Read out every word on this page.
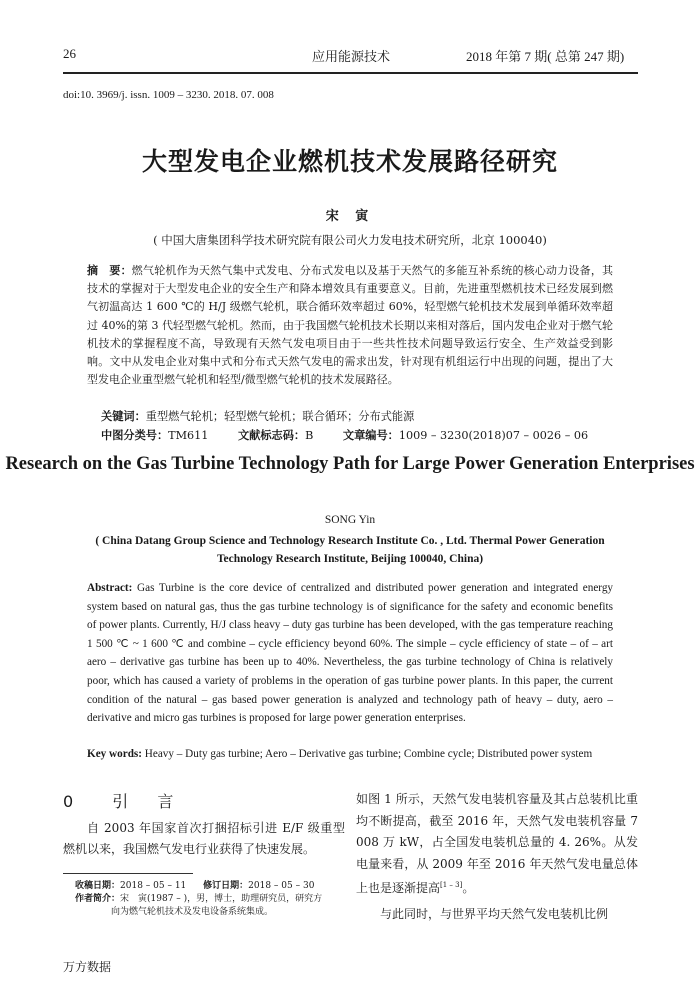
26	应用能源技术	2018 年第 7 期( 总第 247 期)
doi:10. 3969/j. issn. 1009 – 3230. 2018. 07. 008
大型发电企业燃机技术发展路径研究
宋 寅
( 中国大唐集团科学技术研究院有限公司火力发电技术研究所，北京 100040)
摘　要：燃气轮机作为天然气集中式发电、分布式发电以及基于天然气的多能互补系统的核心动力设备，其技术的掌握对于大型发电企业的安全生产和降本增效具有重要意义。目前，先进重型燃机技术已经发展到燃气初温高达 1 600 ℃的 H/J 级燃气轮机，联合循环效率超过 60%，轻型燃气轮机技术发展到单循环效率超过 40%的第 3 代轻型燃气轮机。然而，由于我国燃气轮机技术长期以来相对落后，国内发电企业对于燃气轮机技术的掌握程度不高，导致现有天然气发电项目由于一些共性技术问题导致运行安全、生产效益受到影响。文中从发电企业对集中式和分布式天然气发电的需求出发，针对现有机组运行中出现的问题，提出了大型发电企业重型燃气轮机和轻型/微型燃气轮机的技术发展路径。
关键词：重型燃气轮机；轻型燃气轮机；联合循环；分布式能源
中图分类号：TM611	文献标志码：B	文章编号：1009 – 3230(2018)07 – 0026 – 06
Research on the Gas Turbine Technology Path for Large Power Generation Enterprises
SONG Yin
( China Datang Group Science and Technology Research Institute Co. , Ltd. Thermal Power Generation Technology Research Institute, Beijing 100040, China)
Abstract: Gas Turbine is the core device of centralized and distributed power generation and integrated energy system based on natural gas, thus the gas turbine technology is of significance for the safety and economic benefits of power plants. Currently, H/J class heavy – duty gas turbine has been developed, with the gas temperature reaching 1 500 ℃ ~ 1 600 ℃ and combine – cycle efficiency beyond 60%. The simple – cycle efficiency of state – of – art aero – derivative gas turbine has been up to 40%. Nevertheless, the gas turbine technology of China is relatively poor, which has caused a variety of problems in the operation of gas turbine power plants. In this paper, the current condition of the natural – gas based power generation is analyzed and technology path of heavy – duty, aero – derivative and micro gas turbines is proposed for large power generation enterprises.
Key words: Heavy – Duty gas turbine; Aero – Derivative gas turbine; Combine cycle; Distributed power system
0 引 言
自 2003 年国家首次打捆招标引进 E/F 级重型燃机以来，我国燃气发电行业获得了快速发展。
收稿日期：2018 – 05 – 11 修订日期：2018 – 05 – 30
作者简介：宋　寅(1987 – )，男，博士，助理研究员，研究方
向为燃气轮机技术及发电设备系统集成。

如图 1 所示，天然气发电装机容量及其占总装机比重均不断提高，截至 2016 年，天然气发电装机容量 7 008 万 kW，占全国发电装机总量的 4. 26%。从发电量来看，从 2009 年至 2016 年天然气发电量总体上也是逐渐提高[1 – 3]。

与此同时，与世界平均天然气发电装机比例

万方数据
